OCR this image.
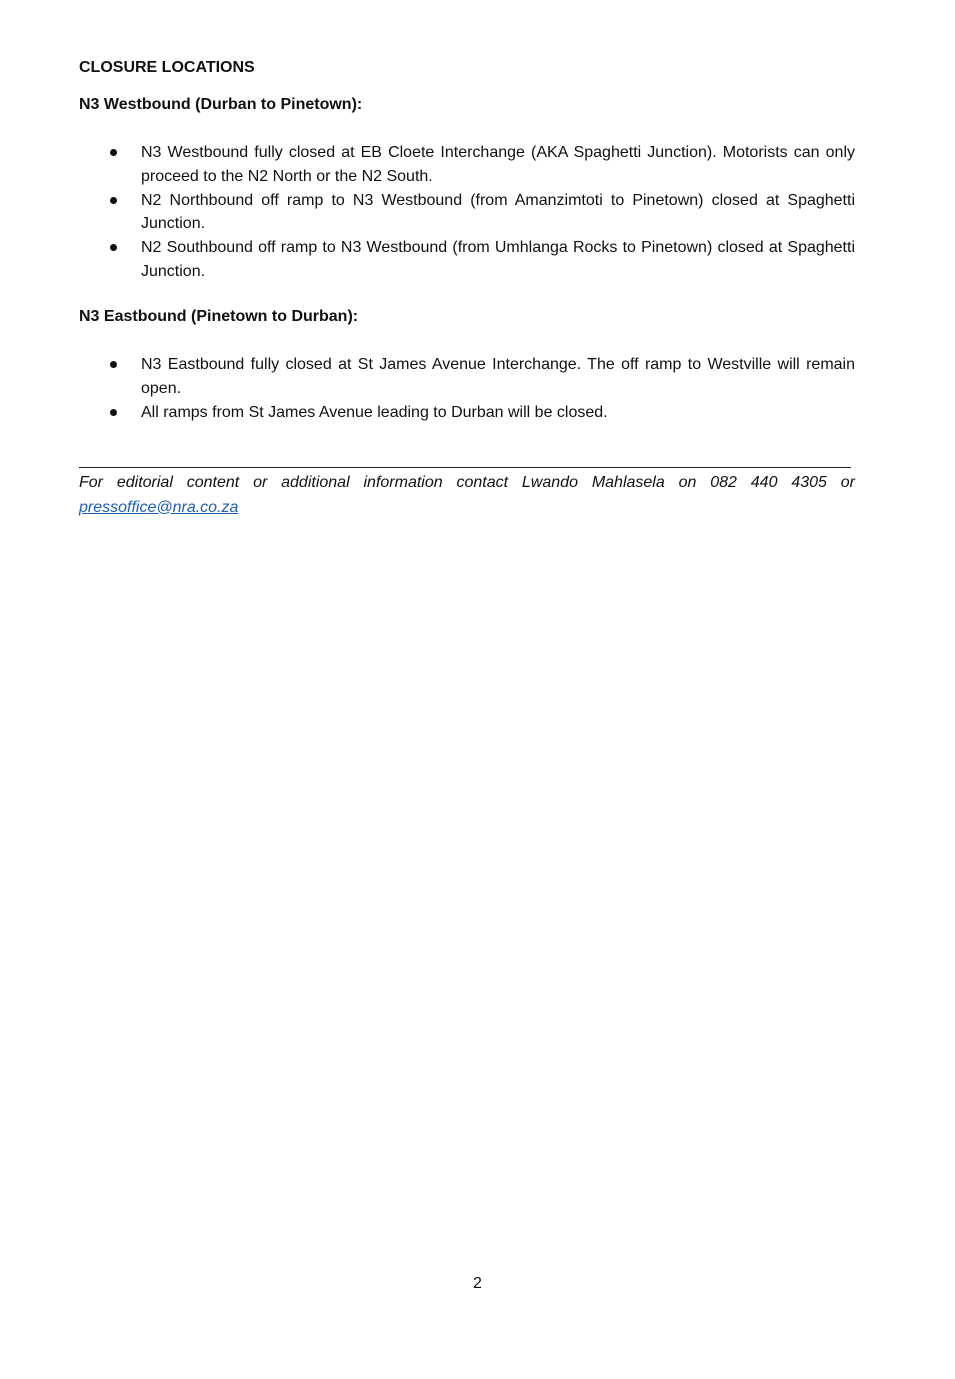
CLOSURE LOCATIONS
N3 Westbound (Durban to Pinetown):
N3 Westbound fully closed at EB Cloete Interchange (AKA Spaghetti Junction). Motorists can only proceed to the N2 North or the N2 South.
N2 Northbound off ramp to N3 Westbound (from Amanzimtoti to Pinetown) closed at Spaghetti Junction.
N2 Southbound off ramp to N3 Westbound (from Umhlanga Rocks to Pinetown) closed at Spaghetti Junction.
N3 Eastbound (Pinetown to Durban):
N3 Eastbound fully closed at St James Avenue Interchange. The off ramp to Westville will remain open.
All ramps from St James Avenue leading to Durban will be closed.

For editorial content or additional information contact Lwando Mahlasela on 082 440 4305 or pressoffice@nra.co.za

2
